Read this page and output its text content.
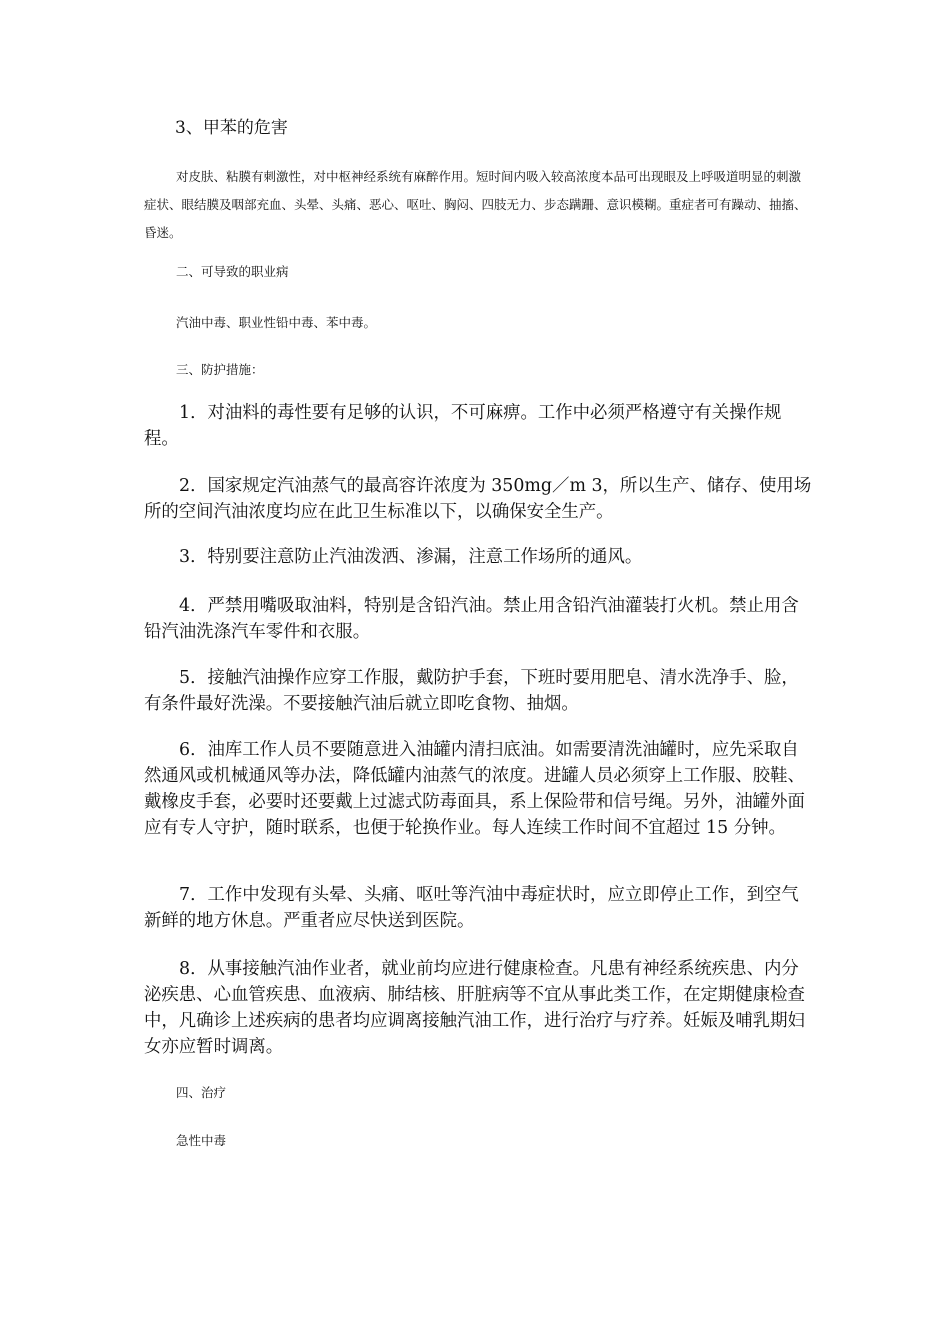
3、甲苯的危害

对皮肤、粘膜有刺激性，对中枢神经系统有麻醉作用。短时间内吸入较高浓度本品可出现眼及上呼吸道明显的刺激症状、眼结膜及咽部充血、头晕、头痛、恶心、呕吐、胸闷、四肢无力、步态蹒跚、意识模糊。重症者可有躁动、抽搐、昏迷。

二、可导致的职业病
汽油中毒、职业性铅中毒、苯中毒。
三、防护措施：

1．对油料的毒性要有足够的认识，不可麻痹。工作中必须严格遵守有关操作规程。

2．国家规定汽油蒸气的最高容许浓度为 350mg／m 3，所以生产、储存、使用场所的空间汽油浓度均应在此卫生标准以下，以确保安全生产。

3．特别要注意防止汽油泼洒、渗漏，注意工作场所的通风。

4．严禁用嘴吸取油料，特别是含铅汽油。禁止用含铅汽油灌装打火机。禁止用含铅汽油洗涤汽车零件和衣服。

5．接触汽油操作应穿工作服，戴防护手套，下班时要用肥皂、清水洗净手、脸，有条件最好洗澡。不要接触汽油后就立即吃食物、抽烟。

6．油库工作人员不要随意进入油罐内清扫底油。如需要清洗油罐时，应先采取自然通风或机械通风等办法，降低罐内油蒸气的浓度。进罐人员必须穿上工作服、胶鞋、戴橡皮手套，必要时还要戴上过滤式防毒面具，系上保险带和信号绳。另外，油罐外面应有专人守护，随时联系，也便于轮换作业。每人连续工作时间不宜超过 15 分钟。

7．工作中发现有头晕、头痛、呕吐等汽油中毒症状时，应立即停止工作，到空气新鲜的地方休息。严重者应尽快送到医院。

8．从事接触汽油作业者，就业前均应进行健康检查。凡患有神经系统疾患、内分泌疾患、心血管疾患、血液病、肺结核、肝脏病等不宜从事此类工作，在定期健康检查中，凡确诊上述疾病的患者均应调离接触汽油工作，进行治疗与疗养。妊娠及哺乳期妇女亦应暂时调离。

四、治疗
急性中毒
